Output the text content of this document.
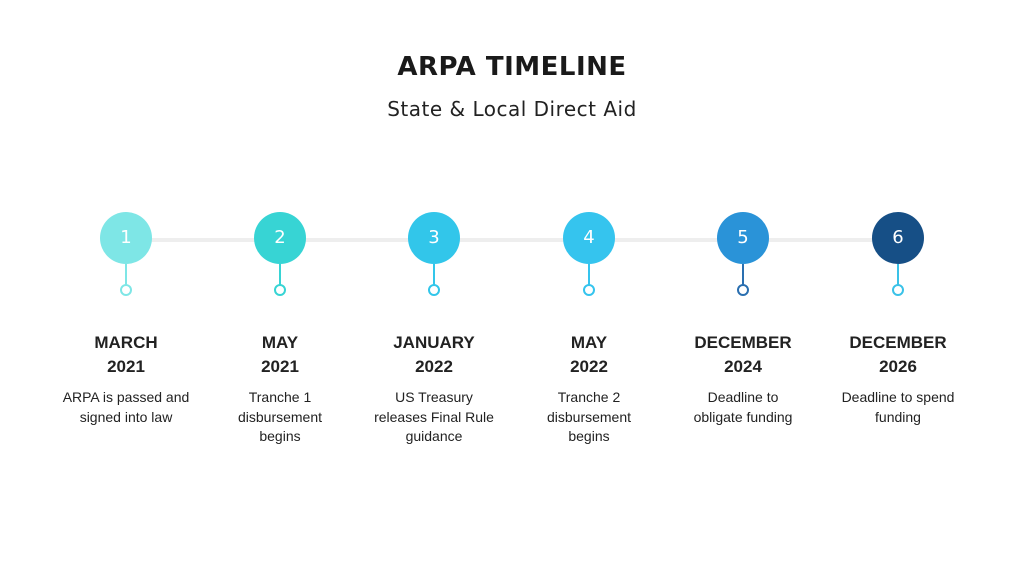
ARPA TIMELINE
State & Local Direct Aid
1
MARCH
2021
ARPA is passed and
signed into law
2
MAY
2021
Tranche 1
disbursement
begins
3
JANUARY
2022
US Treasury
releases Final Rule
guidance
4
MAY
2022
Tranche 2
disbursement
begins
5
DECEMBER
2024
Deadline to
obligate funding
6
DECEMBER
2026
Deadline to spend
funding
